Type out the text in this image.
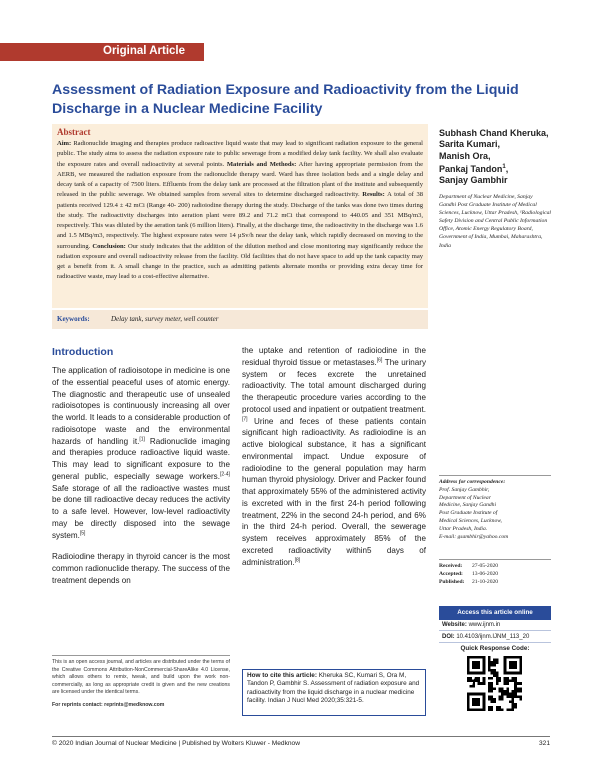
Original Article
Assessment of Radiation Exposure and Radioactivity from the Liquid Discharge in a Nuclear Medicine Facility
Abstract
Aim: Radionuclide imaging and therapies produce radioactive liquid waste that may lead to significant radiation exposure to the general public. The study aims to assess the radiation exposure rate to public sewerage from a modified delay tank facility. We shall also evaluate the exposure rates and overall radioactivity at several points. Materials and Methods: After having appropriate permission from the AERB, we measured the radiation exposure from the radionuclide therapy ward. Ward has three isolation beds and a single delay and decay tank of a capacity of 7500 liters. Effluents from the delay tank are processed at the filtration plant of the institute and subsequently released in the public sewerage. We obtained samples from several sites to determine discharged radioactivity. Results: A total of 38 patients received 129.4 ± 42 mCi (Range 40- 200) radioiodine therapy during the study. Discharge of the tanks was done two times during the study. The radioactivity discharges into aeration plant were 89.2 and 71.2 mCi that correspond to 440.05 and 351 MBq/m3, respectively. This was diluted by the aeration tank (6 million liters). Finally, at the discharge time, the radioactivity in the discharge was 1.6 and 1.5 MBq/m3, respectively. The highest exposure rates were 14 µSv/h near the delay tank, which rapidly decreased on moving to the surrounding. Conclusion: Our study indicates that the addition of the dilution method and close monitoring may significantly reduce the radiation exposure and overall radioactivity release from the facility. Old facilities that do not have space to add up the tank capacity may get a benefit from it. A small change in the practice, such as admitting patients alternate months or providing extra decay time for radioactive waste, may lead to a cost-effective alternative.
Keywords:	Delay tank, survey meter, well counter
Subhash Chand Kheruka,
Sarita Kumari,
Manish Ora,
Pankaj Tandon$^1$,
Sanjay Gambhir
Department of Nuclear Medicine, Sanjay Gandhi Post Graduate Institute of Medical Sciences, Lucknow, Uttar Pradesh, ¹Radiological Safety Division and Central Public Information Office, Atomic Energy Regulatory Board, Government of India, Mumbai, Maharashtra, India
Address for correspondence:
Prof. Sanjay Gambhir,
Department of Nuclear
Medicine, Sanjay Gandhi
Post Graduate Institute of
Medical Sciences, Lucknow,
Uttar Pradesh, India.
E-mail: gsambhir@yahoo.com
Received: 27-05-2020
Accepted: 13-06-2020
Published: 21-10-2020
Access this article online
Website: www.ijnm.in
DOI: 10.4103/ijnm.IJNM_113_20
Quick Response Code:
Introduction

The application of radioisotope in medicine is one of the essential peaceful uses of atomic energy. The diagnostic and therapeutic use of unsealed radioisotopes is continuously increasing all over the world. It leads to a considerable production of radioisotope waste and the environmental hazards of handling it.[1] Radionuclide imaging and therapies produce radioactive liquid waste. This may lead to significant exposure to the general public, especially sewage workers.[2-4] Safe storage of all the radioactive wastes must be done till radioactive decay reduces the activity to a safe level. However, low-level radioactivity may be directly disposed into the sewage system.[5]

Radioiodine therapy in thyroid cancer is the most common radionuclide therapy. The success of the treatment depends on

the uptake and retention of radioiodine in the residual thyroid tissue or metastases.[6] The urinary system or feces excrete the unretained radioactivity. The total amount discharged during the therapeutic procedure varies according to the protocol used and inpatient or outpatient treatment.[7] Urine and feces of these patients contain significant high radioactivity. As radioiodine is an active biological substance, it has a significant environmental impact. Undue exposure of radioiodine to the general population may harm human thyroid physiology. Driver and Packer found that approximately 55% of the administered activity is excreted with in the first 24-h period following treatment, 22% in the second 24-h period, and 6% in the third 24-h period. Overall, the sewerage system receives approximately 85% of the excreted radioactivity within5 days of administration.[8]

This is an open access journal, and articles are distributed under the terms of the Creative Commons Attribution-NonCommercial-ShareAlike 4.0 License, which allows others to remix, tweak, and build upon the work non-commercially, as long as appropriate credit is given and the new creations are licensed under the identical terms.
For reprints contact: reprints@medknow.com
How to cite this article: Kheruka SC, Kumari S, Ora M, Tandon P, Gambhir S. Assessment of radiation exposure and radioactivity from the liquid discharge in a nuclear medicine facility. Indian J Nucl Med 2020;35:321-5.
© 2020 Indian Journal of Nuclear Medicine | Published by Wolters Kluwer - Medknow	321
